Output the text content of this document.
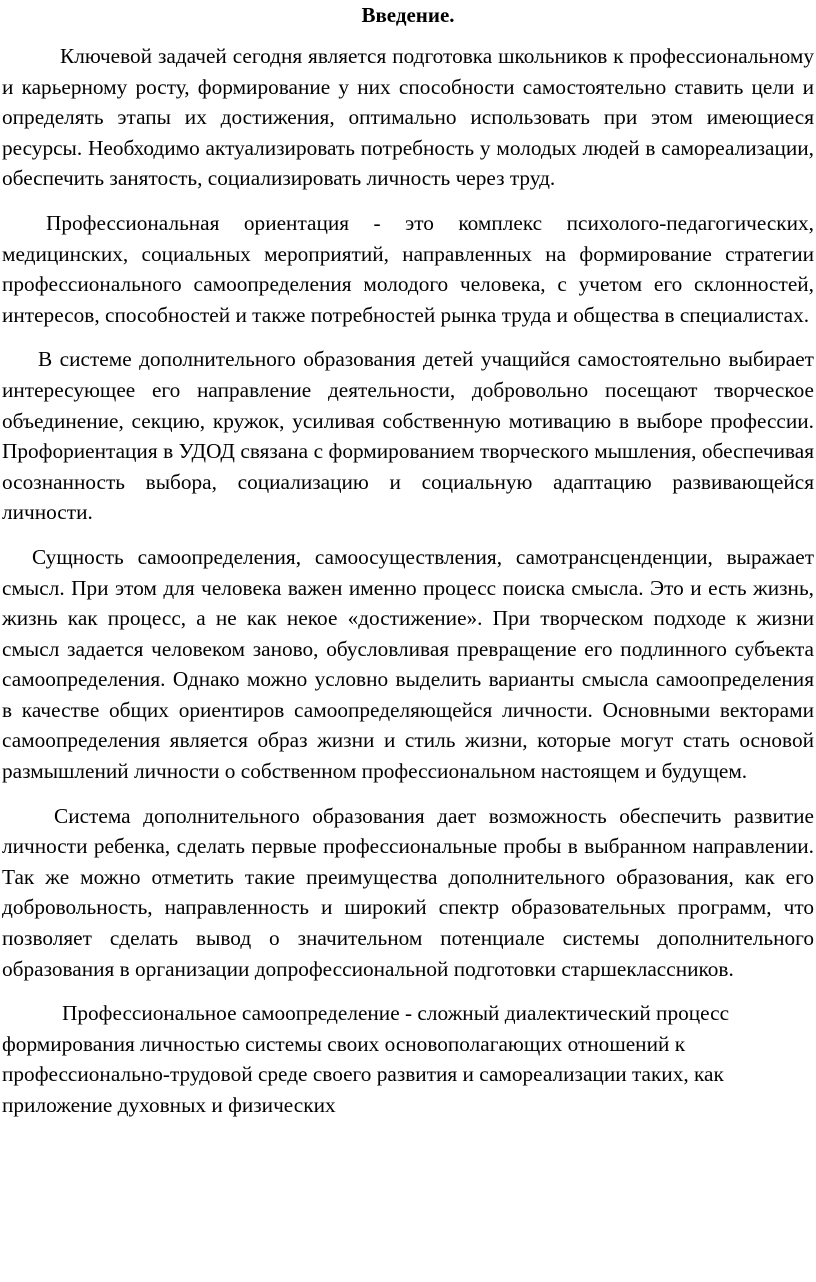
Введение.

Ключевой задачей сегодня является подготовка школьников к профессиональному и карьерному росту, формирование у них способности самостоятельно ставить цели и определять этапы их достижения, оптимально использовать при этом имеющиеся ресурсы. Необходимо актуализировать потребность у молодых людей в самореализации, обеспечить занятость, социализировать личность через труд.

Профессиональная ориентация - это комплекс психолого-педагогических, медицинских, социальных мероприятий, направленных на формирование стратегии профессионального самоопределения молодого человека, с учетом его склонностей, интересов, способностей и также потребностей рынка труда и общества в специалистах.

В системе дополнительного образования детей учащийся самостоятельно выбирает интересующее его направление деятельности, добровольно посещают творческое объединение, секцию, кружок, усиливая собственную мотивацию в выборе профессии. Профориентация в УДОД связана с формированием творческого мышления, обеспечивая осознанность выбора, социализацию и социальную адаптацию развивающейся личности.

Сущность самоопределения, самоосуществления, самотрансценденции, выражает смысл. При этом для человека важен именно процесс поиска смысла. Это и есть жизнь, жизнь как процесс, а не как некое «достижение». При творческом подходе к жизни смысл задается человеком заново, обусловливая превращение его подлинного субъекта самоопределения. Однако можно условно выделить варианты смысла самоопределения в качестве общих ориентиров самоопределяющейся личности. Основными векторами самоопределения является образ жизни и стиль жизни, которые могут стать основой размышлений личности о собственном профессиональном настоящем и будущем.

Система дополнительного образования дает возможность обеспечить развитие личности ребенка, сделать первые профессиональные пробы в выбранном направлении. Так же можно отметить такие преимущества дополнительного образования, как его добровольность, направленность и широкий спектр образовательных программ, что позволяет сделать вывод о значительном потенциале системы дополнительного образования в организации допрофессиональной подготовки старшеклассников.

Профессиональное самоопределение - сложный диалектический процесс формирования личностью системы своих основополагающих отношений к профессионально-трудовой среде своего развития и самореализации таких, как приложение духовных и физических
